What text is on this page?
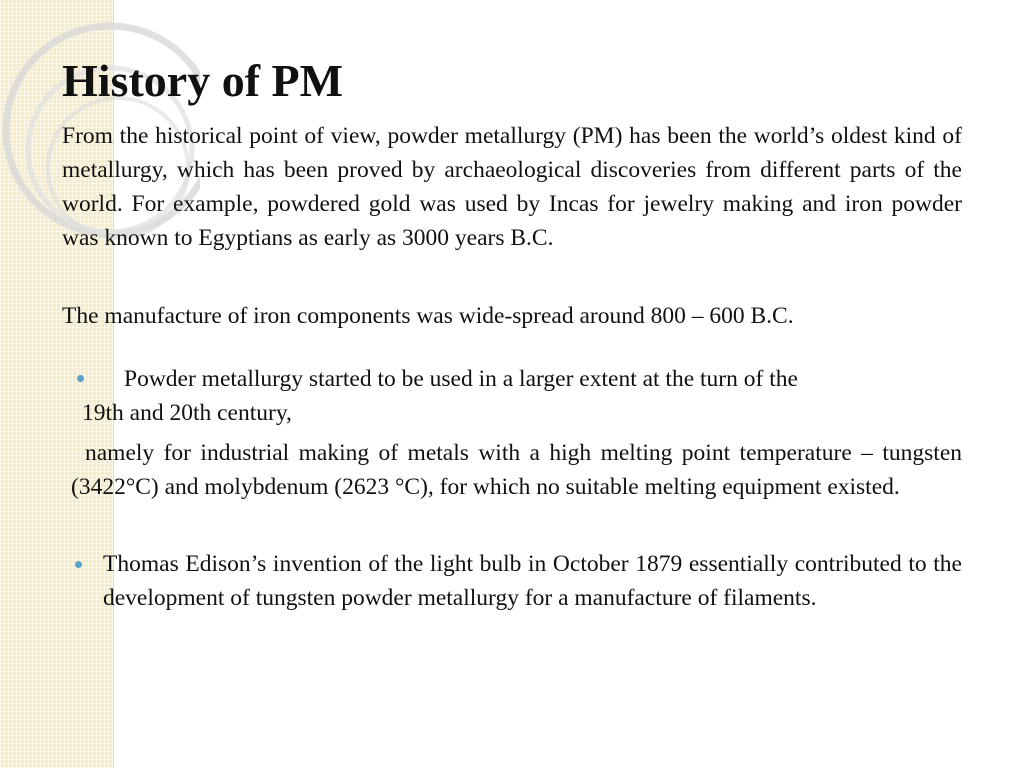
History of PM

From the historical point of view, powder metallurgy (PM) has been the world’s oldest kind of metallurgy, which has been proved by archaeological discoveries from different parts of the world. For example, powdered gold was used by Incas for jewelry making and iron powder was known to Egyptians as early as 3000 years B.C.

The manufacture of iron components was wide-spread around 800 – 600 B.C.

Powder metallurgy started to be used in a larger extent at the turn of the

19th and 20th century,

namely for industrial making of metals with a high melting point temperature – tungsten (3422°C) and molybdenum (2623 °C), for which no suitable melting equipment existed.

Thomas Edison’s invention of the light bulb in October 1879 essentially contributed to the development of tungsten powder metallurgy for a manufacture of filaments.
